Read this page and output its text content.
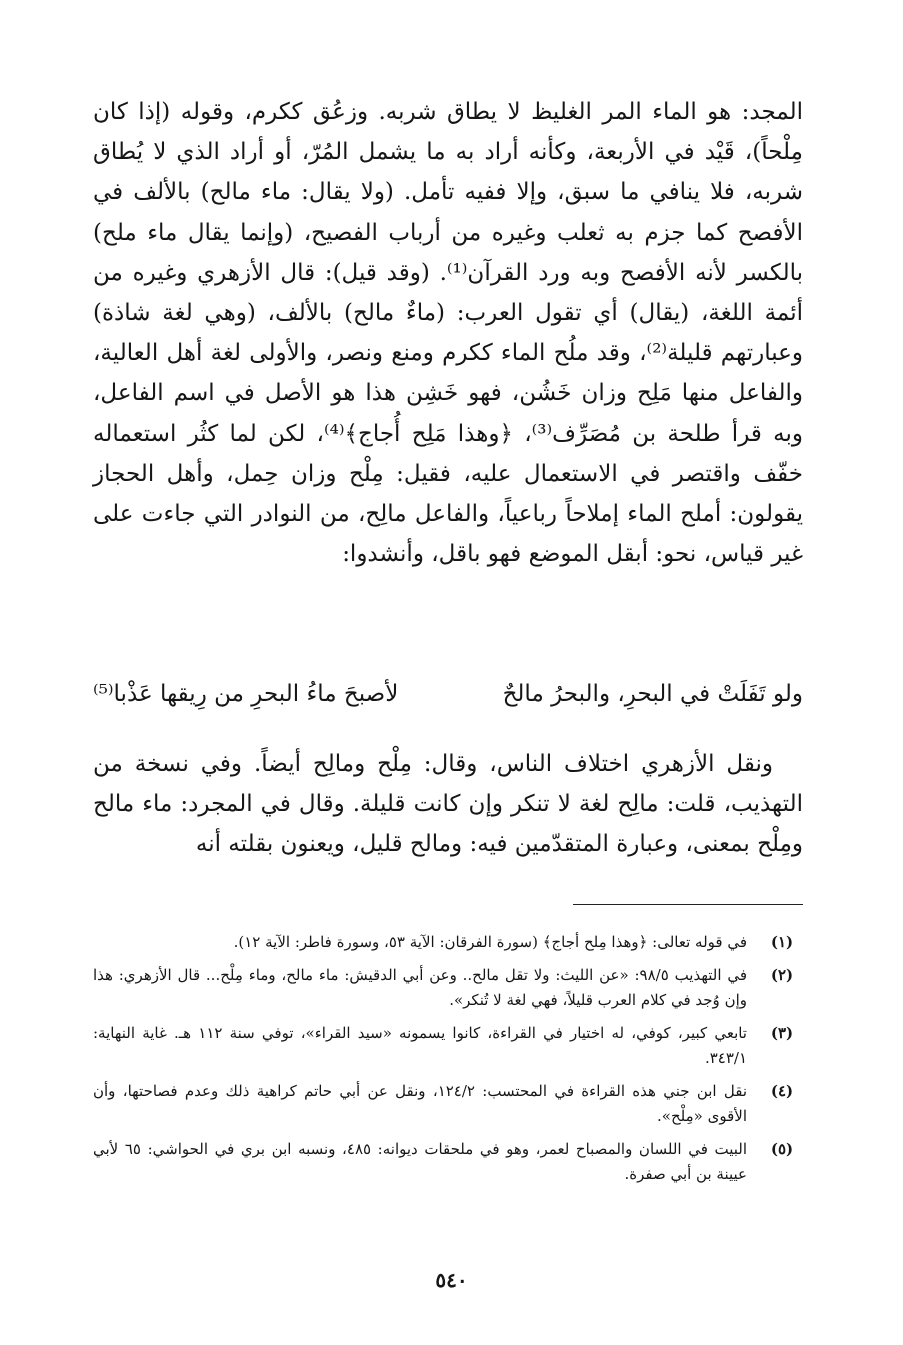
المجد: هو الماء المر الغليظ لا يطاق شربه. وزعُق ككرم، وقوله (إذا كان مِلْحاً)، قَيْد في الأربعة، وكأنه أراد به ما يشمل المُرّ، أو أراد الذي لا يُطاق شربه، فلا ينافي ما سبق، وإلا ففيه تأمل. (ولا يقال: ماء مالح) بالألف في الأفصح كما جزم به ثعلب وغيره من أرباب الفصيح، (وإنما يقال ماء ملح) بالكسر لأنه الأفصح وبه ورد القرآن⁽¹⁾. (وقد قيل): قال الأزهري وغيره من أئمة اللغة، (يقال) أي تقول العرب: (ماءٌ مالح) بالألف، (وهي لغة شاذة) وعبارتهم قليلة⁽²⁾، وقد ملُح الماء ككرم ومنع ونصر، والأولى لغة أهل العالية، والفاعل منها مَلِح وزان خَشُن، فهو خَشِن هذا هو الأصل في اسم الفاعل، وبه قرأ طلحة بن مُصَرِّف⁽³⁾، ﴿وهذا مَلِح أُجاج﴾⁽⁴⁾، لكن لما كثُر استعماله خفّف واقتصر في الاستعمال عليه، فقيل: مِلْح وزان حِمل، وأهل الحجاز يقولون: أملح الماء إملاحاً رباعياً، والفاعل مالِح، من النوادر التي جاءت على غير قياس، نحو: أبقل الموضع فهو باقل، وأنشدوا:

ولو تَفَلَتْ في البحرِ، والبحرُ مالحٌ
لأصبحَ ماءُ البحرِ من رِيقها عَذْبا⁽⁵⁾

ونقل الأزهري اختلاف الناس، وقال: مِلْح ومالِح أيضاً. وفي نسخة من التهذيب، قلت: مالِح لغة لا تنكر وإن كانت قليلة. وقال في المجرد: ماء مالح ومِلْح بمعنى، وعبارة المتقدّمين فيه: ومالح قليل، ويعنون بقلته أنه

(١)
في قوله تعالى: ﴿وهذا مِلح أجاج﴾ (سورة الفرقان: الآية ٥٣، وسورة فاطر: الآية ١٢).
(٢)
في التهذيب ٩٨/٥: «عن الليث: ولا تقل مالح.. وعن أبي الدقيش: ماء مالح، وماء مِلْح... قال الأزهري: هذا وإن وُجد في كلام العرب قليلاً، فهي لغة لا تُنكر».
(٣)
تابعي كبير، كوفي، له اختيار في القراءة، كانوا يسمونه «سيد القراء»، توفي سنة ١١٢ هـ. غاية النهاية: ٣٤٣/١.
(٤)
نقل ابن جني هذه القراءة في المحتسب: ١٢٤/٢، ونقل عن أبي حاتم كراهية ذلك وعدم فصاحتها، وأن الأقوى «مِلْح».
(٥)
البيت في اللسان والمصباح لعمر، وهو في ملحقات ديوانه: ٤٨٥، ونسبه ابن بري في الحواشي: ٦٥ لأبي عيينة بن أبي صفرة.
٥٤٠
